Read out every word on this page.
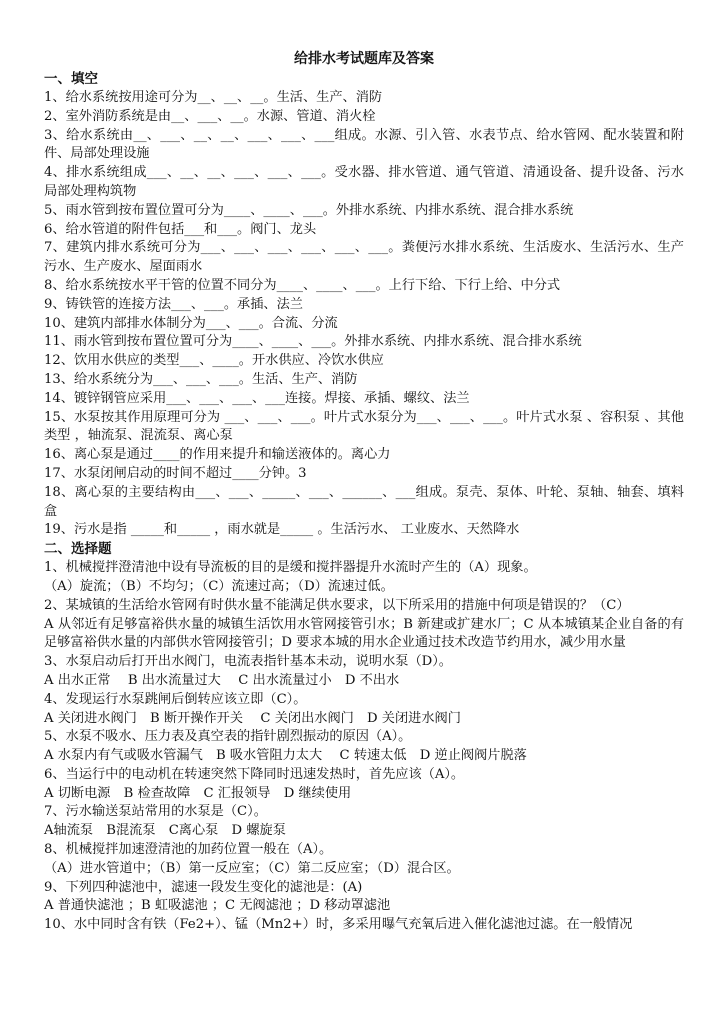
给排水考试题库及答案
一、填空

1、给水系统按用途可分为__、__、__。生活、生产、消防

2、室外消防系统是由__、___、__。水源、管道、消火栓

3、给水系统由__、___、__、__、___、___、___组成。水源、引入管、水表节点、给水管网、配水装置和附件、局部处理设施

4、排水系统组成___、__、__、___、___、___。受水器、排水管道、通气管道、清通设备、提升设备、污水局部处理构筑物

5、雨水管到按布置位置可分为____、____、___。外排水系统、内排水系统、混合排水系统

6、给水管道的附件包括___和___。阀门、龙头

7、建筑内排水系统可分为___、___、___、___、___、___。粪便污水排水系统、生活废水、生活污水、生产污水、生产废水、屋面雨水

8、给水系统按水平干管的位置不同分为____、____、___。上行下给、下行上给、中分式

9、铸铁管的连接方法___、___。承插、法兰

10、建筑内部排水体制分为___、___。合流、分流

11、雨水管到按布置位置可分为____、____、___。外排水系统、内排水系统、混合排水系统

12、饮用水供应的类型___、____。开水供应、冷饮水供应

13、给水系统分为___、___、___。生活、生产、消防

14、镀锌钢管应采用___、___、___、___连接。焊接、承插、螺纹、法兰

15、水泵按其作用原理可分为 ___、___、___。叶片式水泵分为___、___、___。叶片式水泵 、容积泵 、其他类型 ，轴流泵、混流泵、离心泵

16、离心泵是通过____的作用来提升和输送液体的。离心力

17、水泵闭闸启动的时间不超过____分钟。3

18、离心泵的主要结构由___、___、_____、___、______、___组成。泵壳、泵体、叶轮、泵轴、轴套、填料盒

19、污水是指 _____和_____ ，雨水就是_____ 。生活污水、 工业废水、天然降水

二、选择题

1、机械搅拌澄清池中设有导流板的目的是缓和搅拌器提升水流时产生的（A）现象。

（A）旋流；（B）不均匀；（C）流速过高；（D）流速过低。

2、某城镇的生活给水管网有时供水量不能满足供水要求，以下所采用的措施中何项是错误的？（C）

A 从邻近有足够富裕供水量的城镇生活饮用水管网接管引水；B 新建或扩建水厂；C 从本城镇某企业自备的有足够富裕供水量的内部供水管网接管引；D 要求本城的用水企业通过技术改造节约用水，减少用水量

3、水泵启动后打开出水阀门，电流表指针基本未动，说明水泵（D）。

A 出水正常　 B 出水流量过大　 C 出水流量过小　D 不出水

4、发现运行水泵跳闸后倒转应该立即（C）。

A 关闭进水阀门　B 断开操作开关　 C 关闭出水阀门　D 关闭进水阀门

5、水泵不吸水、压力表及真空表的指针剧烈振动的原因（A）。

A 水泵内有气或吸水管漏气　B 吸水管阻力太大　 C 转速太低　D 逆止阀阀片脱落

6、当运行中的电动机在转速突然下降同时迅速发热时，首先应该（A）。

A 切断电源　B 检查故障　C 汇报领导　D 继续使用

7、污水输送泵站常用的水泵是（C）。

A轴流泵　B混流泵　C离心泵　D 螺旋泵

8、机械搅拌加速澄清池的加药位置一般在（A）。

（A）进水管道中；（B）第一反应室；（C）第二反应室；（D）混合区。

9、下列四种滤池中，滤速一段发生变化的滤池是：(A)

A 普通快滤池 ；B 虹吸滤池 ；C 无阀滤池 ；D 移动罩滤池

10、水中同时含有铁（Fe2+）、锰（Mn2+）时，多采用曝气充氧后进入催化滤池过滤。在一般情况
